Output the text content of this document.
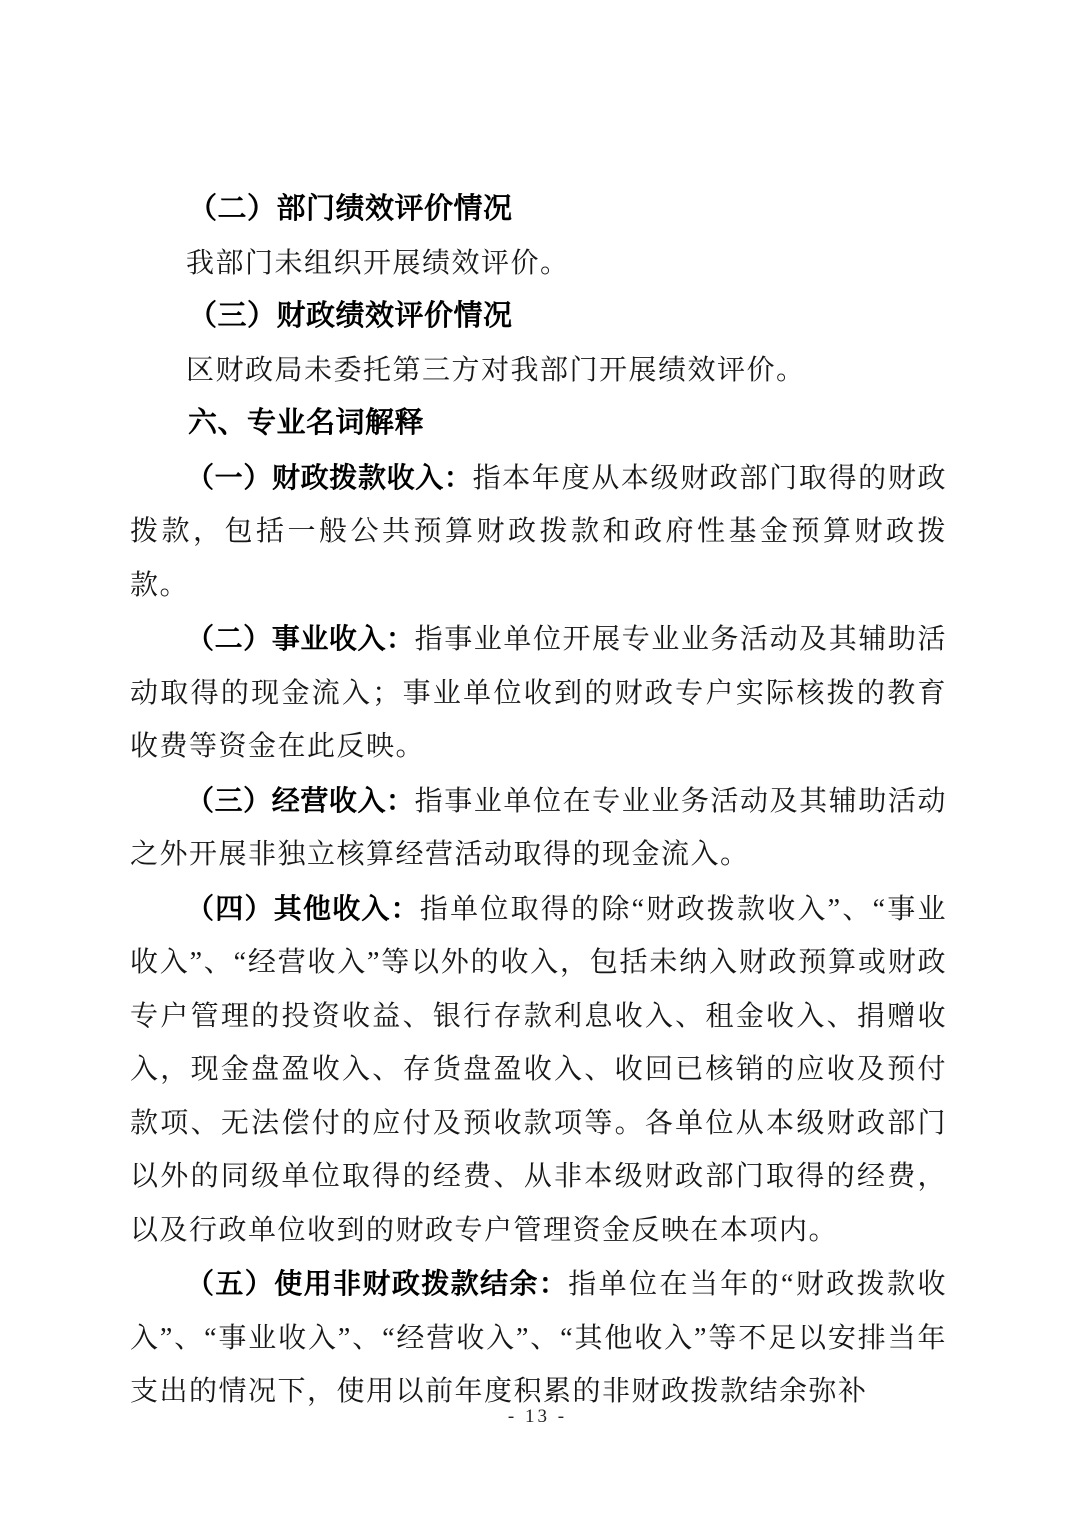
（二）部门绩效评价情况

我部门未组织开展绩效评价。

（三）财政绩效评价情况

区财政局未委托第三方对我部门开展绩效评价。

六、专业名词解释

（一）财政拨款收入：指本年度从本级财政部门取得的财政拨款，包括一般公共预算财政拨款和政府性基金预算财政拨款。

（二）事业收入：指事业单位开展专业业务活动及其辅助活动取得的现金流入；事业单位收到的财政专户实际核拨的教育收费等资金在此反映。

（三）经营收入：指事业单位在专业业务活动及其辅助活动之外开展非独立核算经营活动取得的现金流入。

（四）其他收入：指单位取得的除“财政拨款收入”、“事业收入”、“经营收入”等以外的收入，包括未纳入财政预算或财政专户管理的投资收益、银行存款利息收入、租金收入、捐赠收入，现金盘盈收入、存货盘盈收入、收回已核销的应收及预付款项、无法偿付的应付及预收款项等。各单位从本级财政部门以外的同级单位取得的经费、从非本级财政部门取得的经费，以及行政单位收到的财政专户管理资金反映在本项内。

（五）使用非财政拨款结余：指单位在当年的“财政拨款收入”、“事业收入”、“经营收入”、“其他收入”等不足以安排当年支出的情况下，使用以前年度积累的非财政拨款结余弥补

- 13 -
